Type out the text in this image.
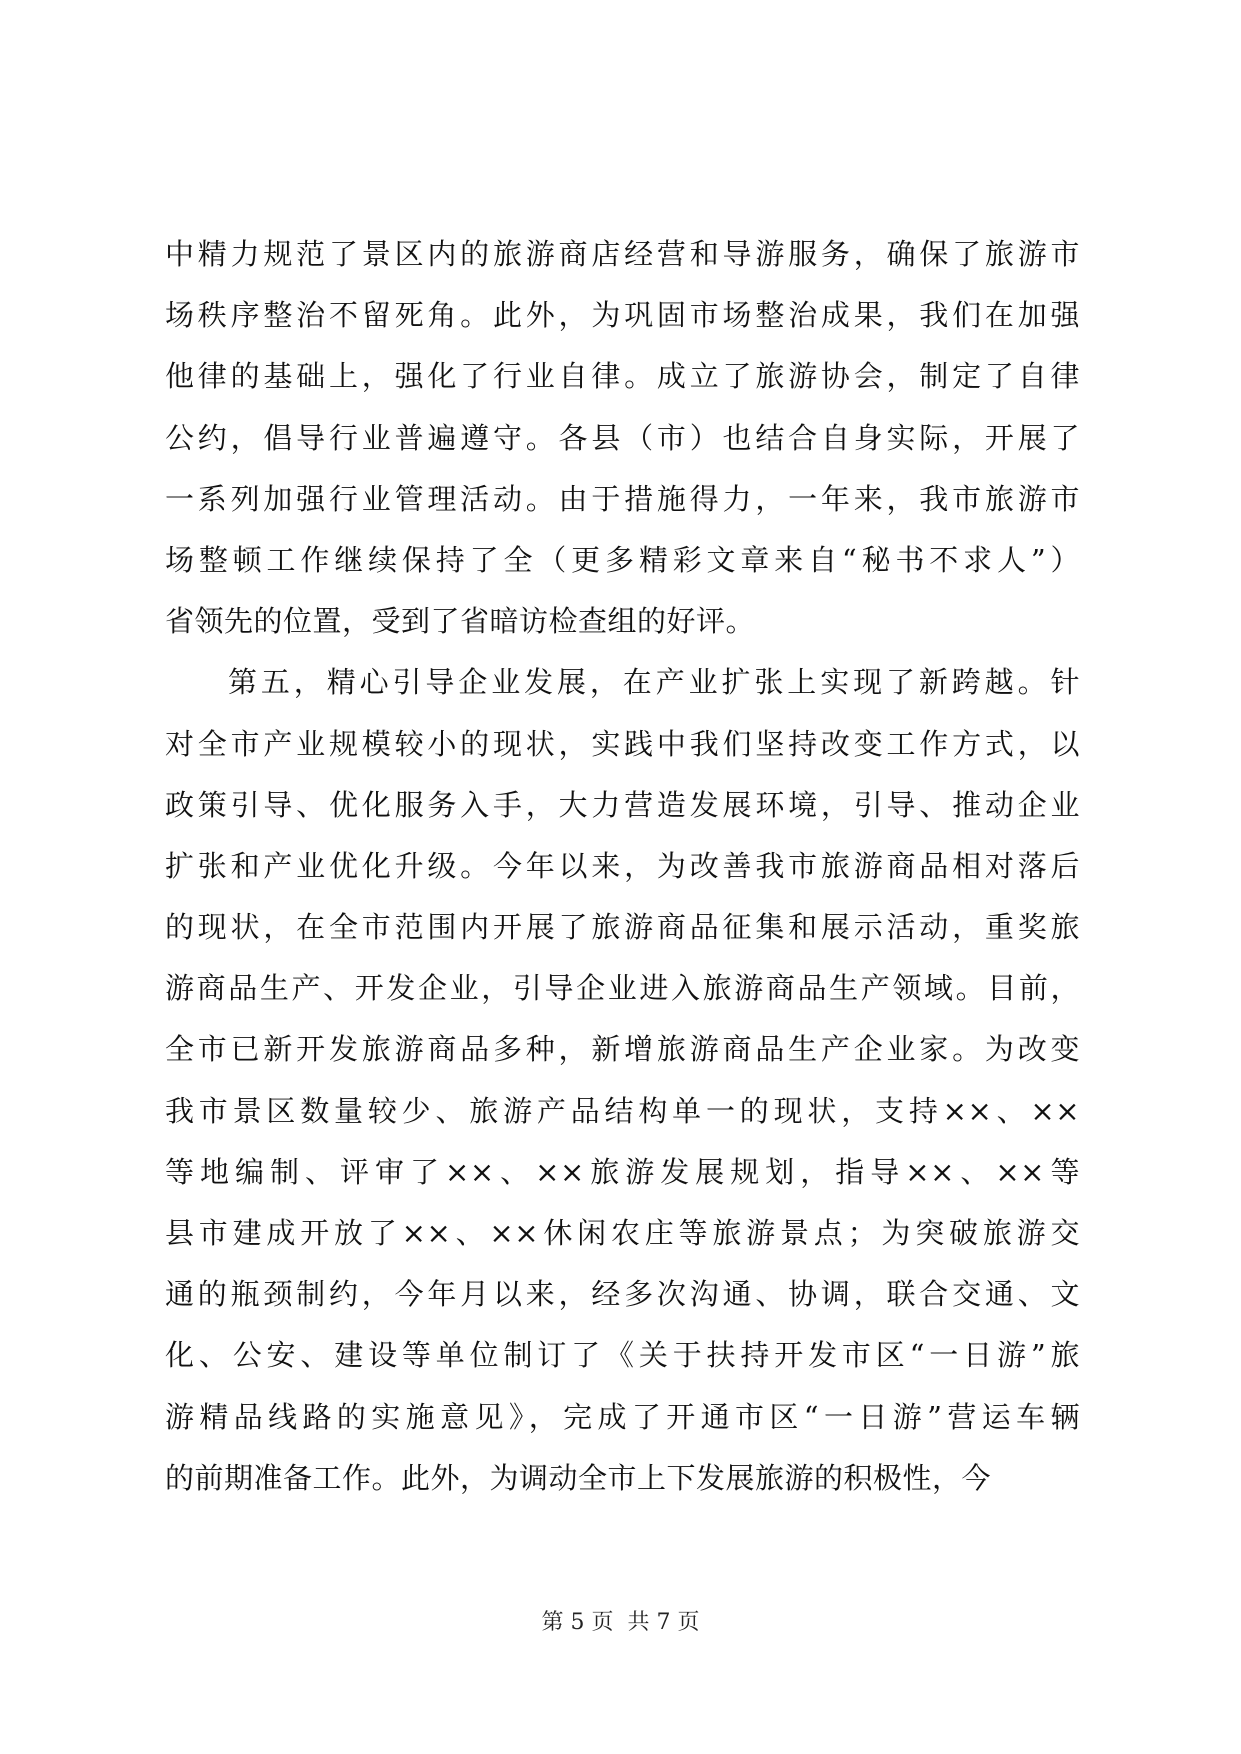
中精力规范了景区内的旅游商店经营和导游服务，确保了旅游市
场秩序整治不留死角。此外，为巩固市场整治成果，我们在加强
他律的基础上，强化了行业自律。成立了旅游协会，制定了自律
公约，倡导行业普遍遵守。各县（市）也结合自身实际，开展了
一系列加强行业管理活动。由于措施得力，一年来，我市旅游市
场整顿工作继续保持了全（更多精彩文章来自“秘书不求人”）
省领先的位置，受到了省暗访检查组的好评。
第五，精心引导企业发展，在产业扩张上实现了新跨越。针
对全市产业规模较小的现状，实践中我们坚持改变工作方式，以
政策引导、优化服务入手，大力营造发展环境，引导、推动企业
扩张和产业优化升级。今年以来，为改善我市旅游商品相对落后
的现状，在全市范围内开展了旅游商品征集和展示活动，重奖旅
游商品生产、开发企业，引导企业进入旅游商品生产领域。目前，
全市已新开发旅游商品多种，新增旅游商品生产企业家。为改变
我市景区数量较少、旅游产品结构单一的现状，支持××、××
等地编制、评审了××、××旅游发展规划，指导××、××等
县市建成开放了××、××休闲农庄等旅游景点；为突破旅游交
通的瓶颈制约，今年月以来，经多次沟通、协调，联合交通、文
化、公安、建设等单位制订了《关于扶持开发市区“一日游”旅
游精品线路的实施意见》，完成了开通市区“一日游”营运车辆
的前期准备工作。此外，为调动全市上下发展旅游的积极性，今
第 5 页 共 7 页
